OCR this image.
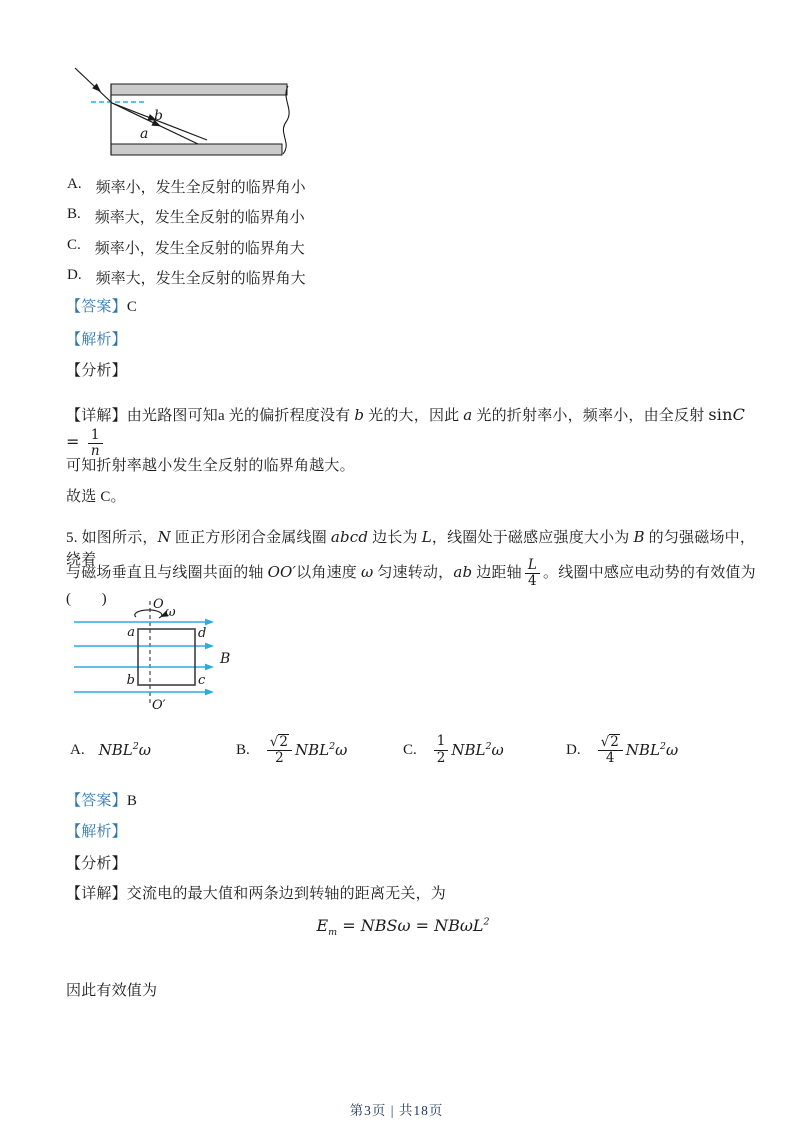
b
a
A. 频率小，发生全反射的临界角小
B. 频率大，发生全反射的临界角小
C. 频率小，发生全反射的临界角大
D. 频率大，发生全反射的临界角大
【答案】C
【解析】
【分析】
【详解】由光路图可知a 光的偏折程度没有 b 光的大，因此 a 光的折射率小，频率小，由全反射 $\sin C = \frac{1}{n}$
可知折射率越小发生全反射的临界角越大。
故选 C。
5. 如图所示，N 匝正方形闭合金属线圈 abcd 边长为 L，线圈处于磁感应强度大小为 B 的匀强磁场中，绕着
与磁场垂直且与线圈共面的轴 OO′以角速度 ω 匀速转动，ab 边距轴 $\frac{L}{4}$ 。线圈中感应电动势的有效值为(　　)	O
O′
ω
a	d
b	c
B
A. NBL$^2$ω	B. $\frac{√ 2}{2} NBL^2\omega$	C. $\frac{1}{2} NBL^2\omega$	D. $\frac{√ 2}{4} NBL^2\omega$
【答案】B
【解析】
【分析】
【详解】交流电的最大值和两条边到转轴的距离无关，为
$E_m = NBS\omega = NB\omega L^2$
因此有效值为
第3页 | 共18页
